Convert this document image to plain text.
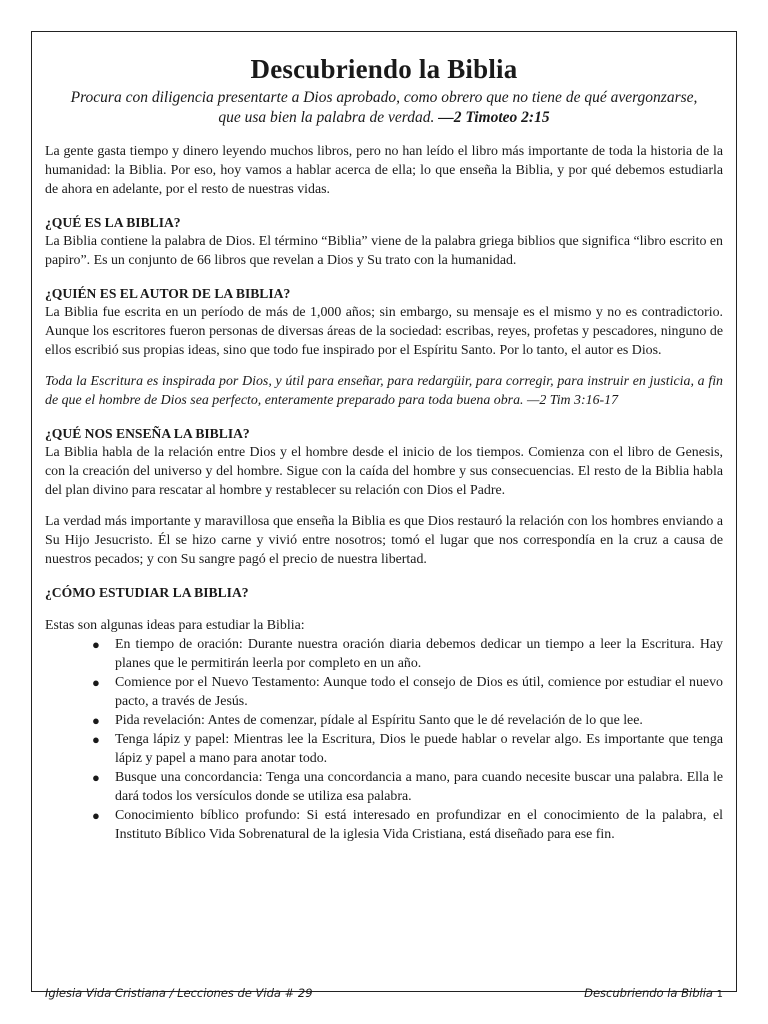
Descubriendo la Biblia
Procura con diligencia presentarte a Dios aprobado, como obrero que no tiene de qué avergonzarse, que usa bien la palabra de verdad. —2 Timoteo 2:15

La gente gasta tiempo y dinero leyendo muchos libros, pero no han leído el libro más importante de toda la historia de la humanidad: la Biblia. Por eso, hoy vamos a hablar acerca de ella; lo que enseña la Biblia, y por qué debemos estudiarla de ahora en adelante, por el resto de nuestras vidas.

¿QUÉ ES LA BIBLIA?

La Biblia contiene la palabra de Dios. El término “Biblia” viene de la palabra griega biblios que significa “libro escrito en papiro”. Es un conjunto de 66 libros que revelan a Dios y Su trato con la humanidad.

¿QUIÉN ES EL AUTOR DE LA BIBLIA?

La Biblia fue escrita en un período de más de 1,000 años; sin embargo, su mensaje es el mismo y no es contradictorio. Aunque los escritores fueron personas de diversas áreas de la sociedad: escribas, reyes, profetas y pescadores, ninguno de ellos escribió sus propias ideas, sino que todo fue inspirado por el Espíritu Santo. Por lo tanto, el autor es Dios.

Toda la Escritura es inspirada por Dios, y útil para enseñar, para redargüir, para corregir, para instruir en justicia, a fin de que el hombre de Dios sea perfecto, enteramente preparado para toda buena obra. —2 Tim 3:16-17

¿QUÉ NOS ENSEÑA LA BIBLIA?

La Biblia habla de la relación entre Dios y el hombre desde el inicio de los tiempos. Comienza con el libro de Genesis, con la creación del universo y del hombre. Sigue con la caída del hombre y sus consecuencias. El resto de la Biblia habla del plan divino para rescatar al hombre y restablecer su relación con Dios el Padre.

La verdad más importante y maravillosa que enseña la Biblia es que Dios restauró la relación con los hombres enviando a Su Hijo Jesucristo. Él se hizo carne y vivió entre nosotros; tomó el lugar que nos correspondía en la cruz a causa de nuestros pecados; y con Su sangre pagó el precio de nuestra libertad.

¿CÓMO ESTUDIAR LA BIBLIA?

Estas son algunas ideas para estudiar la Biblia:

● En tiempo de oración: Durante nuestra oración diaria debemos dedicar un tiempo a leer la Escritura. Hay planes que le permitirán leerla por completo en un año.
● Comience por el Nuevo Testamento: Aunque todo el consejo de Dios es útil, comience por estudiar el nuevo pacto, a través de Jesús.
● Pida revelación: Antes de comenzar, pídale al Espíritu Santo que le dé revelación de lo que lee.
● Tenga lápiz y papel: Mientras lee la Escritura, Dios le puede hablar o revelar algo. Es importante que tenga lápiz y papel a mano para anotar todo.
● Busque una concordancia: Tenga una concordancia a mano, para cuando necesite buscar una palabra. Ella le dará todos los versículos donde se utiliza esa palabra.
● Conocimiento bíblico profundo: Si está interesado en profundizar en el conocimiento de la palabra, el Instituto Bíblico Vida Sobrenatural de la iglesia Vida Cristiana, está diseñado para ese fin.
Iglesia Vida Cristiana / Lecciones de Vida # 29	Descubriendo la Biblia 1
